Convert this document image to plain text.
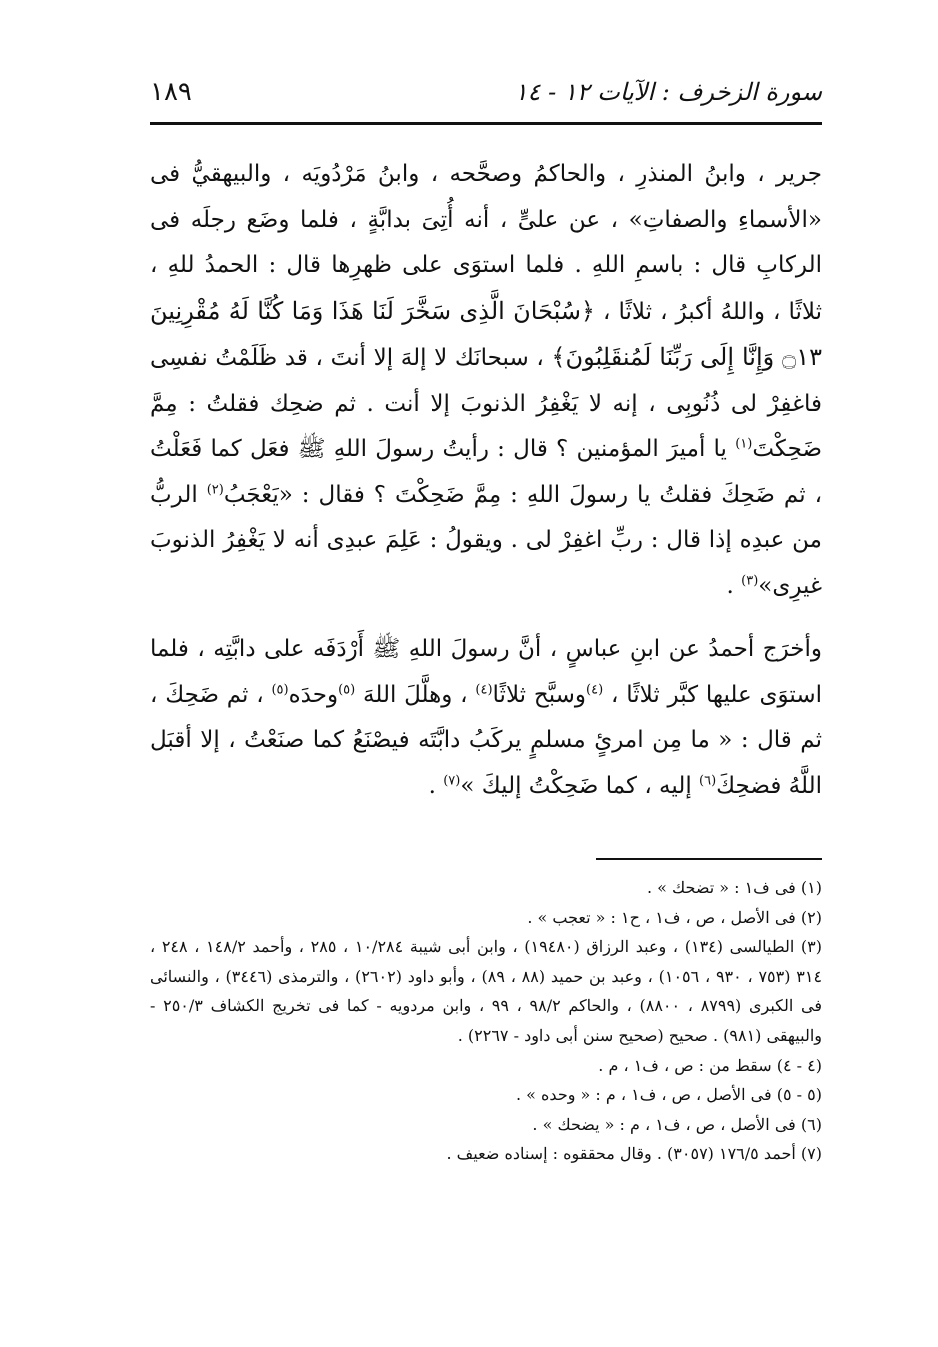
١٨٩	سورة الزخرف : الآيات ١٢ - ١٤

جرير ، وابنُ المنذرِ ، والحاكمُ وصحَّحه ، وابنُ مَرْدُويَه ، والبيهقيُّ فى «الأسماءِ والصفاتِ» ، عن علىٍّ ، أنه أُتِىَ بدابَّةٍ ، فلما وضَع رجلَه فى الركابِ قال : باسمِ اللهِ . فلما استوَى على ظهرِها قال : الحمدُ للهِ ، ثلاثًا ، واللهُ أكبرُ ، ثلاثًا ، ﴿سُبْحَانَ الَّذِى سَخَّرَ لَنَا هَذَا وَمَا كُنَّا لَهُ مُقْرِنِينَ ۝١٣ وَإِنَّا إِلَى رَبِّنَا لَمُنقَلِبُونَ﴾ ، سبحانَك لا إلهَ إلا أنتَ ، قد ظَلَمْتُ نفسِى فاغفِرْ لى ذُنُوبِى ، إنه لا يَغْفِرُ الذنوبَ إلا أنت . ثم ضحِك فقلتُ : مِمَّ ضَحِكْتَ$^{(١)}$ يا أميرَ المؤمنين ؟ قال : رأيتُ رسولَ اللهِ ﷺ فعَل كما فَعَلْتُ ، ثم ضَحِكَ فقلتُ يا رسولَ اللهِ : مِمَّ ضَحِكْتَ ؟ فقال : «يَعْجَبُ$^{(٢)}$ الربُّ من عبدِه إذا قال : ربِّ اغفِرْ لى . ويقولُ : عَلِمَ عبدِى أنه لا يَغْفِرُ الذنوبَ غيرِى»$^{(٣)}$ .

وأخرَج أحمدُ عن ابنِ عباسٍ ، أنَّ رسولَ اللهِ ﷺ أَرْدَفَه على دابَّتِه ، فلما استوَى عليها كبَّر ثلاثًا ، $^{(٤)}$وسبَّح ثلاثًا$^{(٤)}$ ، وهلَّلَ اللهَ $^{(٥)}$وحدَه$^{(٥)}$ ، ثم ضَحِكَ ، ثم قال : « ما مِن امرئٍ مسلمٍ يركَبُ دابَّتَه فيصْنَعُ كما صنَعْتُ ، إلا أقبَل اللَّهُ فضحِكَ$^{(٦)}$ إليه ، كما ضَحِكْتُ إليكَ »$^{(٧)}$ .

(١) فى ف١ : « تضحك » .

(٢) فى الأصل ، ص ، ف١ ، ح١ : « تعجب » .

(٣) الطيالسى (١٣٤) ، وعبد الرزاق (١٩٤٨٠) ، وابن أبى شيبة ١٠/٢٨٤ ، ٢٨٥ ، وأحمد ١٤٨/٢ ، ٢٤٨ ، ٣١٤ (٧٥٣ ، ٩٣٠ ، ١٠٥٦) ، وعبد بن حميد (٨٨ ، ٨٩) ، وأبو داود (٢٦٠٢) ، والترمذى (٣٤٤٦) ، والنسائى فى الكبرى (٨٧٩٩ ، ٨٨٠٠) ، والحاكم ٩٨/٢ ، ٩٩ ، وابن مردويه - كما فى تخريج الكشاف ٢٥٠/٣ - والبيهقى (٩٨١) . صحيح (صحيح سنن أبى داود - ٢٢٦٧) .

(٤ - ٤) سقط من : ص ، ف١ ، م .

(٥ - ٥) فى الأصل ، ص ، ف١ ، م : « وحده » .

(٦) فى الأصل ، ص ، ف١ ، م : « يضحك » .

(٧) أحمد ١٧٦/٥ (٣٠٥٧) . وقال محققوه : إسناده ضعيف .
